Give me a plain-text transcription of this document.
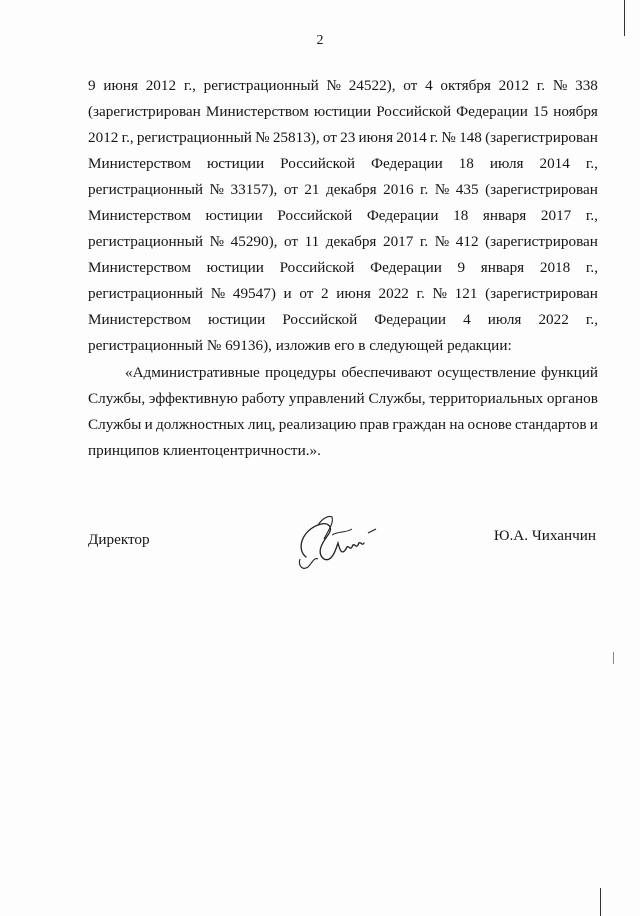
2
9 июня 2012 г., регистрационный № 24522), от 4 октября 2012 г. № 338
(зарегистрирован Министерством юстиции Российской Федерации 15 ноября
2012 г., регистрационный № 25813), от 23 июня 2014 г. № 148 (зарегистрирован
Министерством юстиции Российской Федерации 18 июля 2014 г.,
регистрационный № 33157), от 21 декабря 2016 г. № 435 (зарегистрирован
Министерством юстиции Российской Федерации 18 января 2017 г.,
регистрационный № 45290), от 11 декабря 2017 г. № 412 (зарегистрирован
Министерством юстиции Российской Федерации 9 января 2018 г.,
регистрационный № 49547) и от 2 июня 2022 г. № 121 (зарегистрирован
Министерством юстиции Российской Федерации 4 июля 2022 г.,
регистрационный № 69136), изложив его в следующей редакции:
«Административные процедуры обеспечивают осуществление функций
Службы, эффективную работу управлений Службы, территориальных органов
Службы и должностных лиц, реализацию прав граждан на основе стандартов и
принципов клиентоцентричности.».
Директор	Ю.А. Чиханчин
